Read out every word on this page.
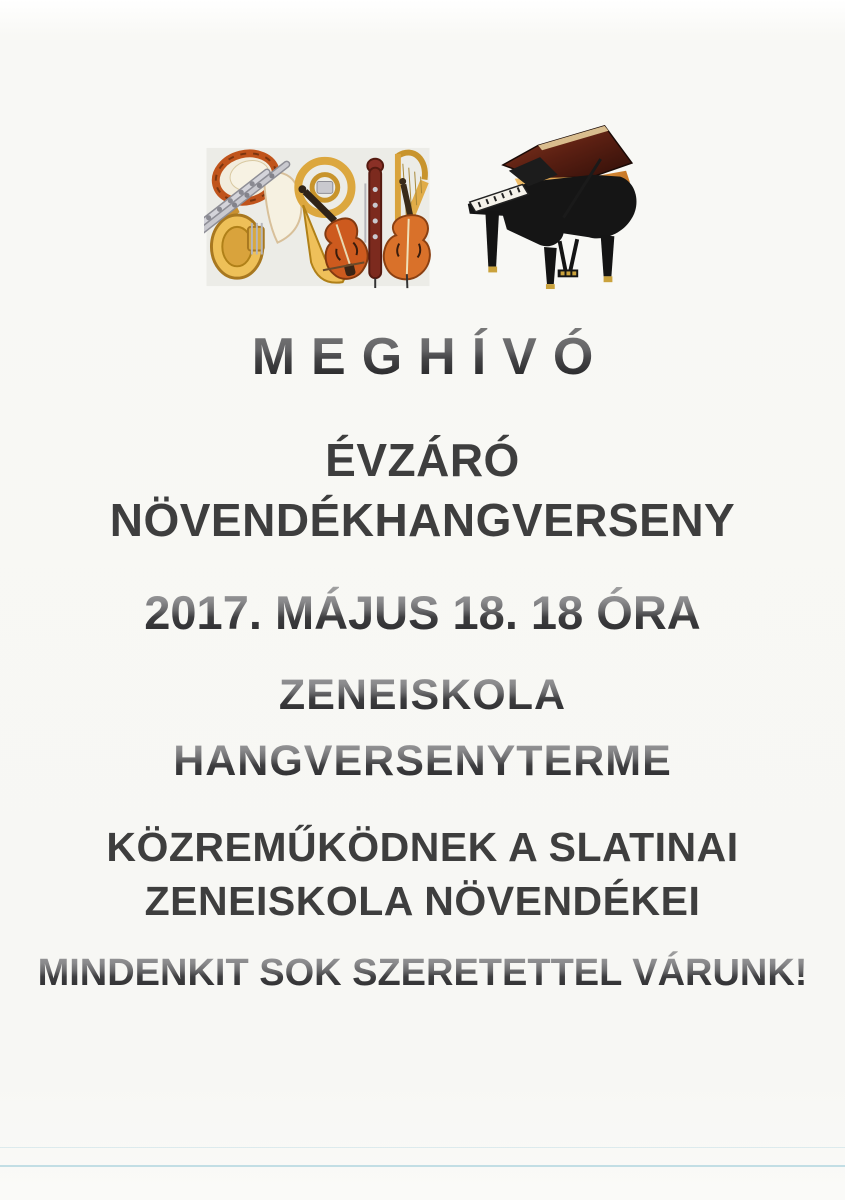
MEGHÍVÓ
ÉVZÁRÓ
NÖVENDÉKHANGVERSENY
2017. MÁJUS 18. 18 ÓRA
ZENEISKOLA
HANGVERSENYTERME
KÖZREMŰKÖDNEK A SLATINAI
ZENEISKOLA NÖVENDÉKEI
MINDENKIT SOK SZERETETTEL VÁRUNK!
